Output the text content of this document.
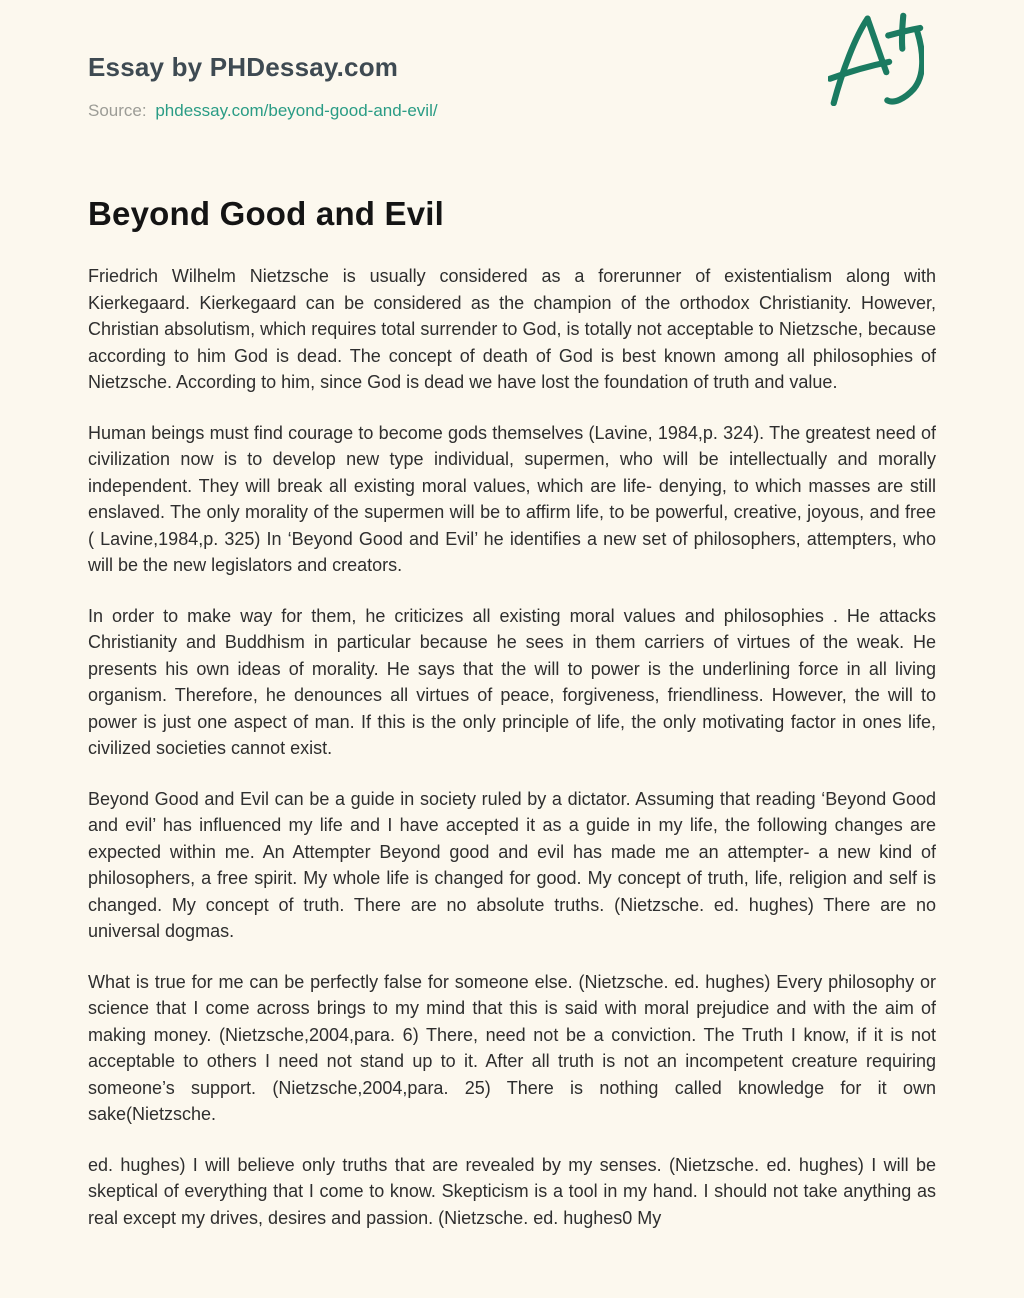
Essay by PHDessay.com

Source: phdessay.com/beyond-good-and-evil/

Beyond Good and Evil

Friedrich Wilhelm Nietzsche is usually considered as a forerunner of existentialism along with Kierkegaard. Kierkegaard can be considered as the champion of the orthodox Christianity. However, Christian absolutism, which requires total surrender to God, is totally not acceptable to Nietzsche, because according to him God is dead. The concept of death of God is best known among all philosophies of Nietzsche. According to him, since God is dead we have lost the foundation of truth and value.

Human beings must find courage to become gods themselves (Lavine, 1984,p. 324). The greatest need of civilization now is to develop new type individual, supermen, who will be intellectually and morally independent. They will break all existing moral values, which are life- denying, to which masses are still enslaved. The only morality of the supermen will be to affirm life, to be powerful, creative, joyous, and free ( Lavine,1984,p. 325) In ‘Beyond Good and Evil’ he identifies a new set of philosophers, attempters, who will be the new legislators and creators.

In order to make way for them, he criticizes all existing moral values and philosophies . He attacks Christianity and Buddhism in particular because he sees in them carriers of virtues of the weak. He presents his own ideas of morality. He says that the will to power is the underlining force in all living organism. Therefore, he denounces all virtues of peace, forgiveness, friendliness. However, the will to power is just one aspect of man. If this is the only principle of life, the only motivating factor in ones life, civilized societies cannot exist.

Beyond Good and Evil can be a guide in society ruled by a dictator. Assuming that reading ‘Beyond Good and evil’ has influenced my life and I have accepted it as a guide in my life, the following changes are expected within me. An Attempter Beyond good and evil has made me an attempter- a new kind of philosophers, a free spirit. My whole life is changed for good. My concept of truth, life, religion and self is changed. My concept of truth. There are no absolute truths. (Nietzsche. ed. hughes) There are no universal dogmas.

What is true for me can be perfectly false for someone else. (Nietzsche. ed. hughes) Every philosophy or science that I come across brings to my mind that this is said with moral prejudice and with the aim of making money. (Nietzsche,2004,para. 6) There, need not be a conviction. The Truth I know, if it is not acceptable to others I need not stand up to it. After all truth is not an incompetent creature requiring someone’s support. (Nietzsche,2004,para. 25) There is nothing called knowledge for it own sake(Nietzsche.

ed. hughes) I will believe only truths that are revealed by my senses. (Nietzsche. ed. hughes) I will be skeptical of everything that I come to know. Skepticism is a tool in my hand. I should not take anything as real except my drives, desires and passion. (Nietzsche. ed. hughes0 My
